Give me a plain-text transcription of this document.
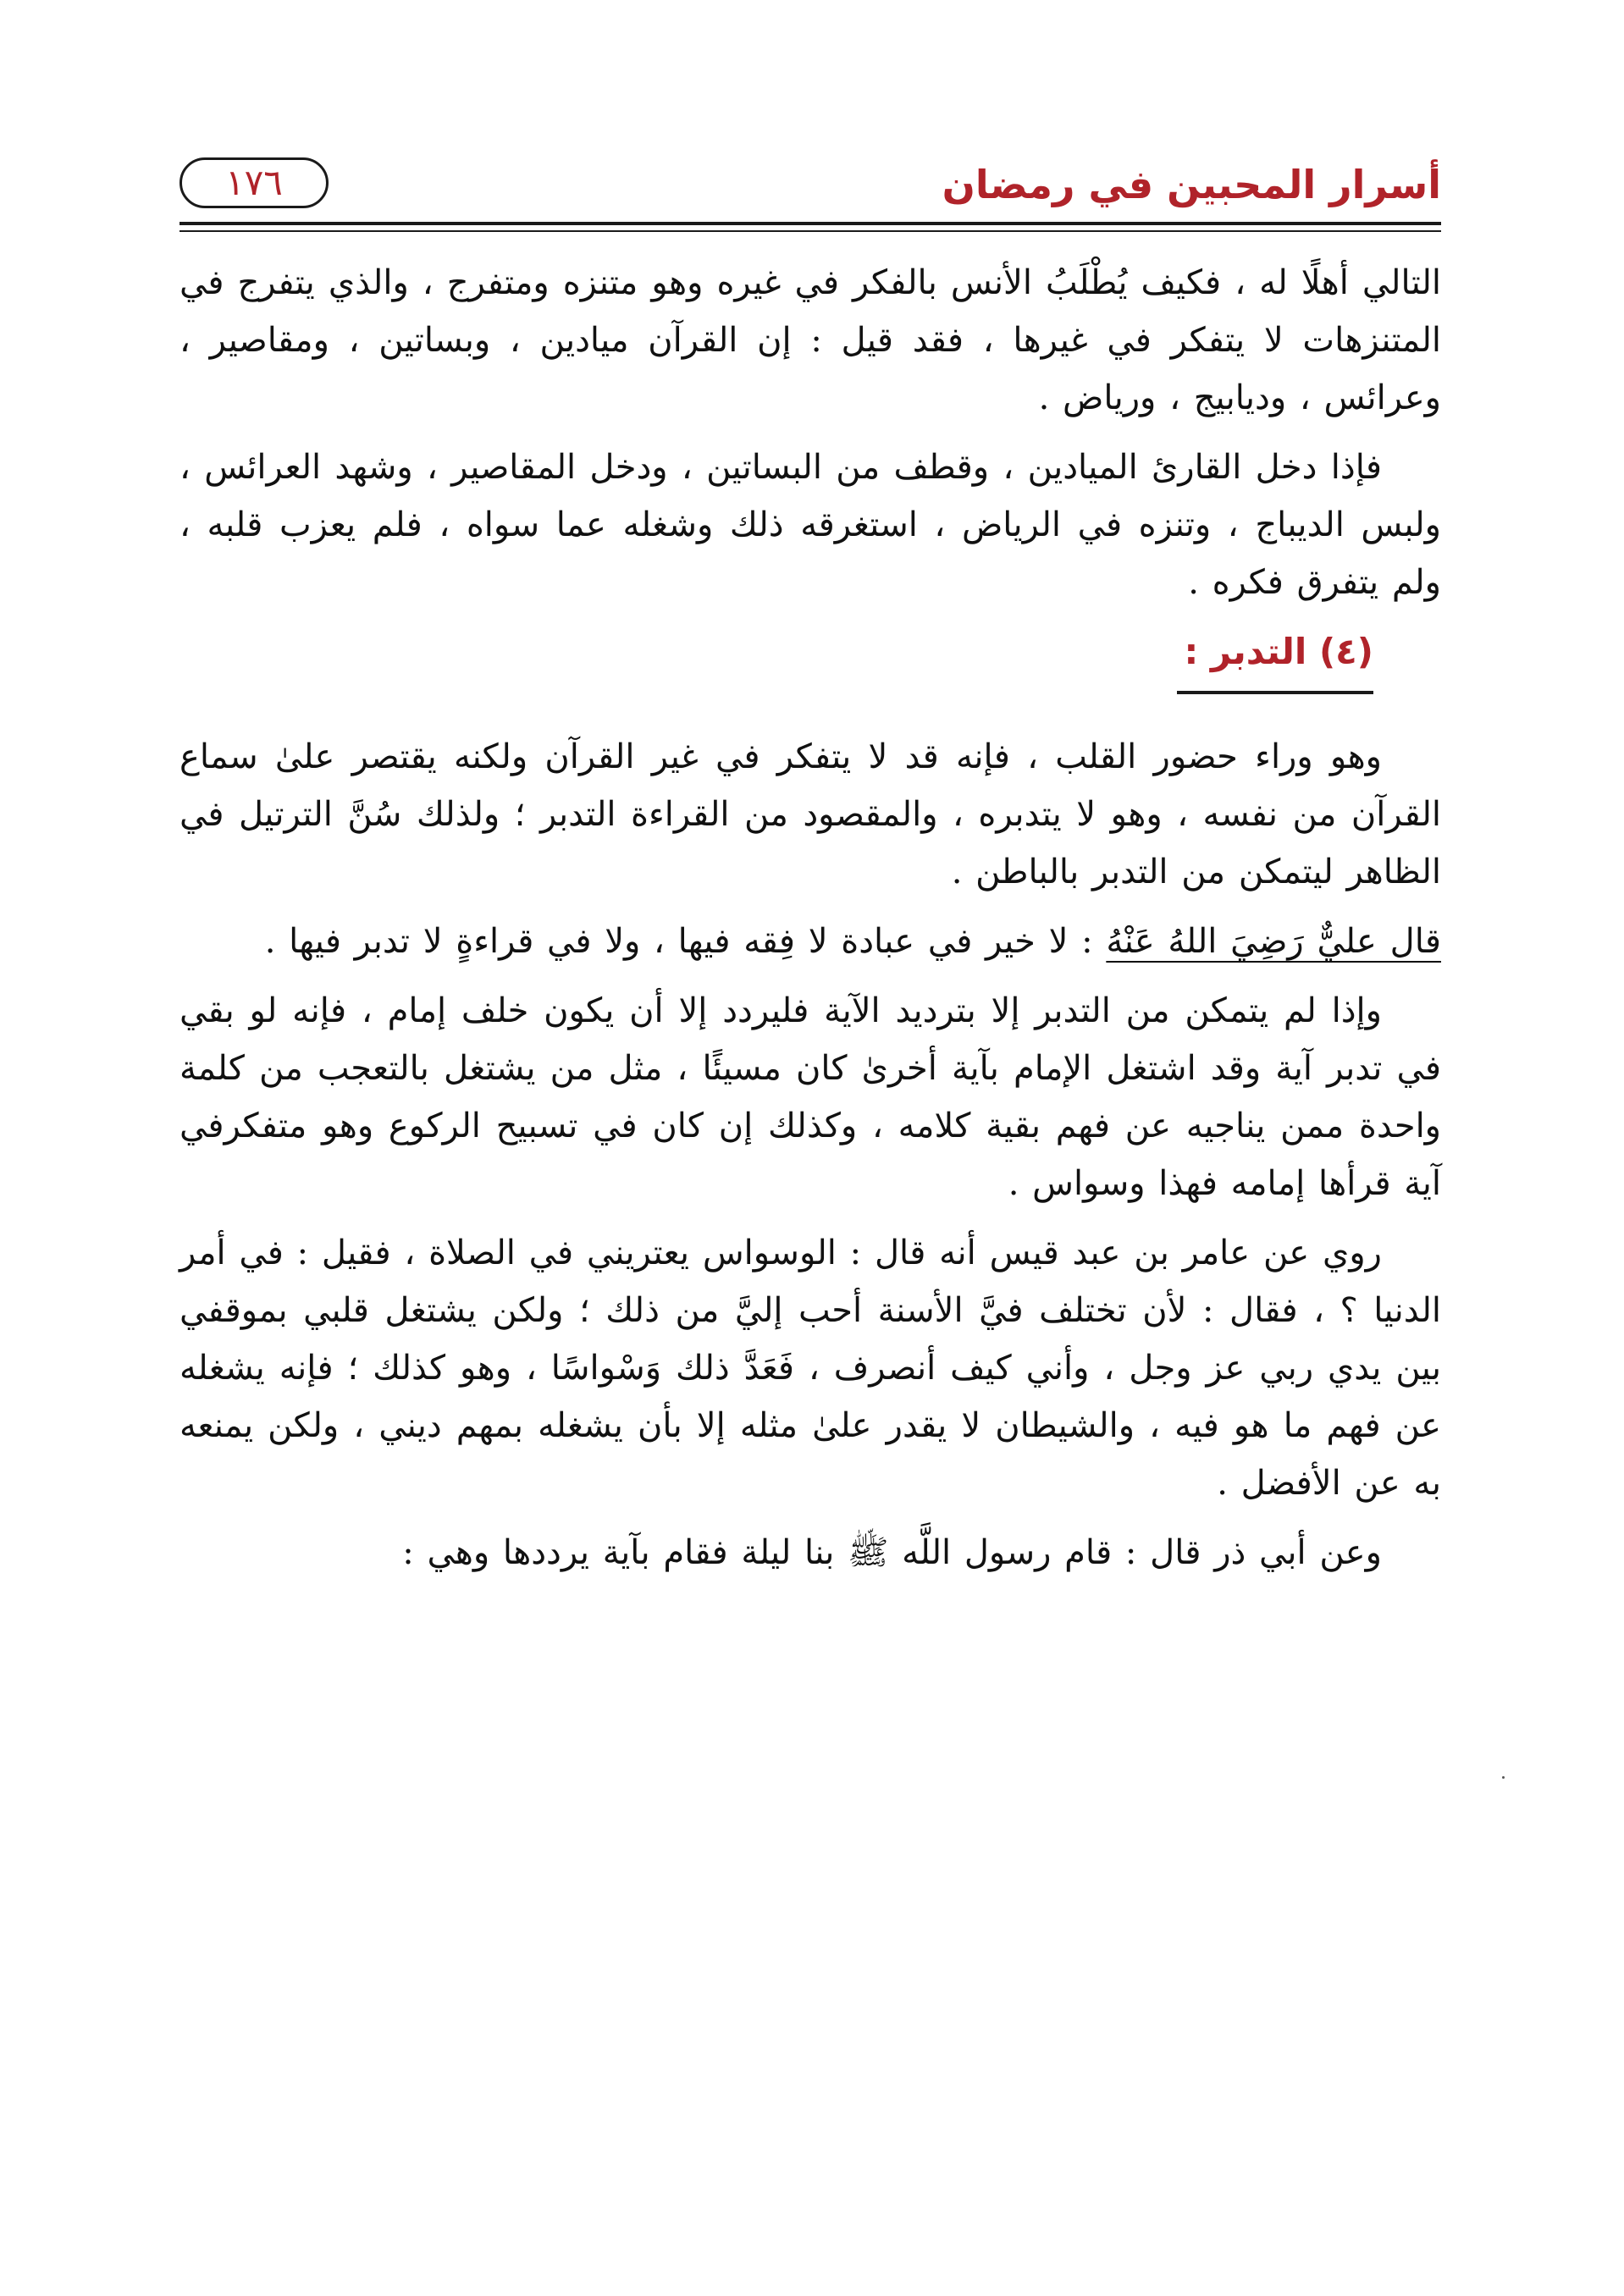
أسرار المحبين في رمضان
١٧٦

التالي أهلًا له ، فكيف يُطْلَبُ الأنس بالفكر في غيره وهو متنزه ومتفرج ، والذي يتفرج في المتنزهات لا يتفكر في غيرها ، فقد قيل : إن القرآن ميادين ، وبساتين ، ومقاصير ، وعرائس ، وديابيج ، ورياض .

فإذا دخل القارئ الميادين ، وقطف من البساتين ، ودخل المقاصير ، وشهد العرائس ، ولبس الديباج ، وتنزه في الرياض ، استغرقه ذلك وشغله عما سواه ، فلم يعزب قلبه ، ولم يتفرق فكره .

(٤) التدبر :

وهو وراء حضور القلب ، فإنه قد لا يتفكر في غير القرآن ولكنه يقتصر علىٰ سماع القرآن من نفسه ، وهو لا يتدبره ، والمقصود من القراءة التدبر ؛ ولذلك سُنَّ الترتيل في الظاهر ليتمكن من التدبر بالباطن .

قال عليٌّ رَضِيَ اللهُ عَنْهُ : لا خير في عبادة لا فِقه فيها ، ولا في قراءةٍ لا تدبر فيها .

وإذا لم يتمكن من التدبر إلا بترديد الآية فليردد إلا أن يكون خلف إمام ، فإنه لو بقي في تدبر آية وقد اشتغل الإمام بآية أخرىٰ كان مسيئًا ، مثل من يشتغل بالتعجب من كلمة واحدة ممن يناجيه عن فهم بقية كلامه ، وكذلك إن كان في تسبيح الركوع وهو متفكرفي آية قرأها إمامه فهذا وسواس .

روي عن عامر بن عبد قيس أنه قال : الوسواس يعتريني في الصلاة ، فقيل : في أمر الدنيا ؟ ، فقال : لأن تختلف فيَّ الأسنة أحب إليَّ من ذلك ؛ ولكن يشتغل قلبي بموقفي بين يدي ربي عز وجل ، وأني كيف أنصرف ، فَعَدَّ ذلك وَسْواسًا ، وهو كذلك ؛ فإنه يشغله عن فهم ما هو فيه ، والشيطان لا يقدر علىٰ مثله إلا بأن يشغله بمهم ديني ، ولكن يمنعه به عن الأفضل .

وعن أبي ذر قال : قام رسول اللَّه ﷺ بنا ليلة فقام بآية يرددها وهي :
